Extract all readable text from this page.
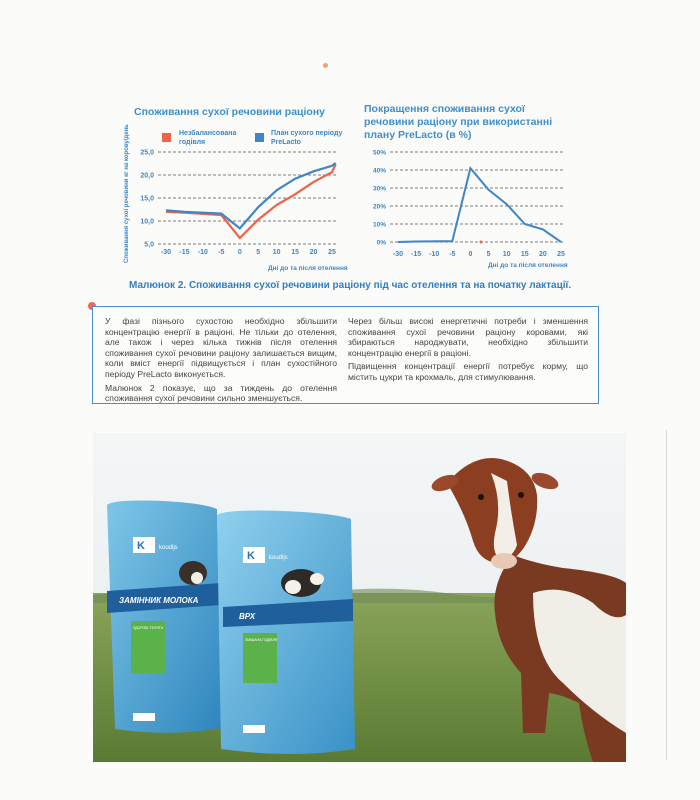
Споживання сухої речовини раціону
Незбалансована
годівля
План сухого періоду
PreLacto
Споживання сухої речовини кг на корову/день 25,0
20,0
15,0
10,0
5,0
-30 -15 -10 -5 0 5 10 15 20 25
Дні до та після отелення
Покращення споживання сухої речовини раціону при використанні плану PreLacto (в %)
50%
40%
30%
20%
10%
0%
-30 -15 -10 -5 0 5 10 15 20 25
Дні до та після отелення
Малюнок 2. Споживання сухої речовини раціону під час отелення та на початку лактації.

У фазі пізнього сухостою необхідно збільшити концентрацію енергії в раціоні. Не тільки до отелення, але також і через кілька тижнів після отелення споживання сухої речовини раціону залишається вищим, коли вміст енергії підвищується і план сухостійного періоду PreLacto виконується.

Малюнок 2 показує, що за тиждень до отелення споживання сухої речовини сильно зменшується.

Через більш високі енергетичні потреби і зменшення споживання сухої речовини раціону коровами, які збираються народжувати, необхідно збільшити концентрацію енергії в раціоні.

Підвищення концентрації енергії потребує корму, що містить цукри та крохмаль, для стимулювання.

K koudijs
ЗАМІННИК МОЛОКА
ЗДОРОВІ ТЕЛЯТА
K koudijs
ВРХ
ЗМІШАНА ГОДІВЛЯ
